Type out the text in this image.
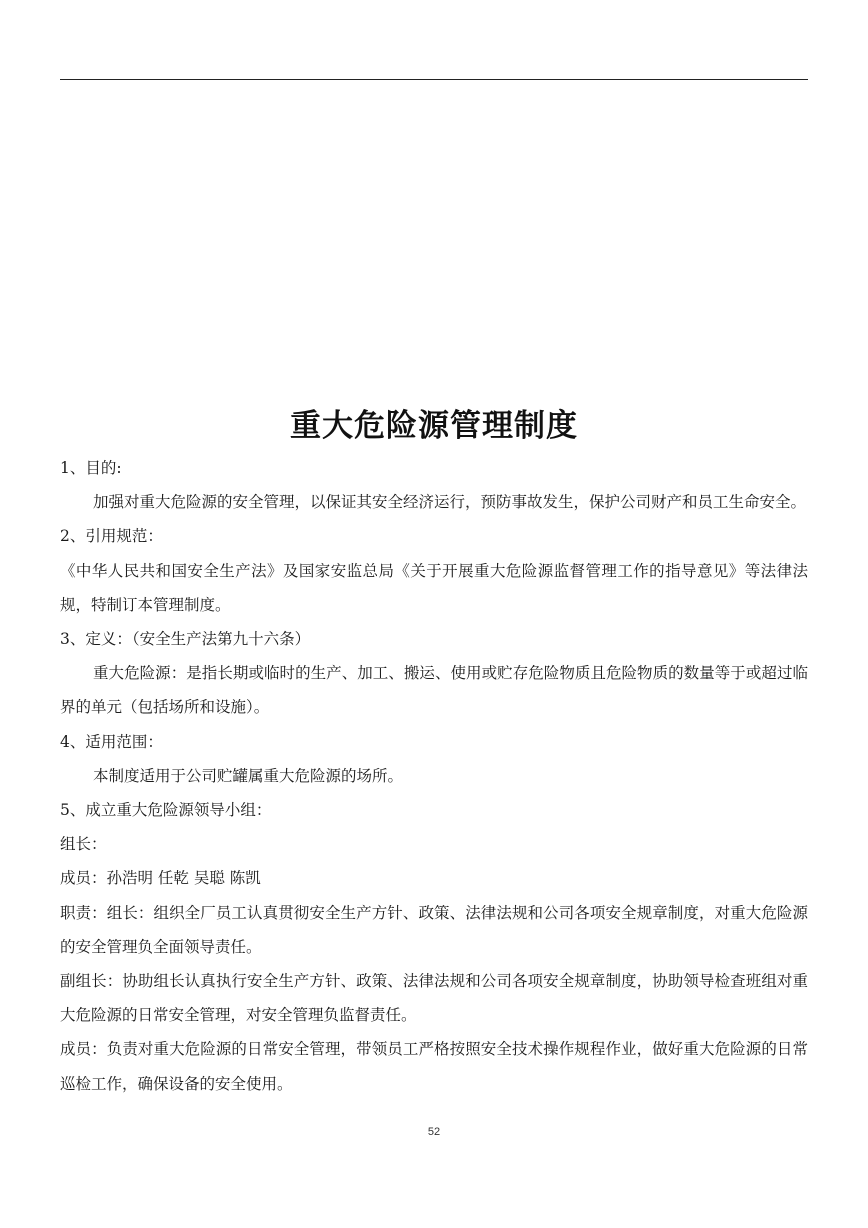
重大危险源管理制度

1、目的:

加强对重大危险源的安全管理，以保证其安全经济运行，预防事故发生，保护公司财产和员工生命安全。

2、引用规范：

《中华人民共和国安全生产法》及国家安监总局《关于开展重大危险源监督管理工作的指导意见》等法律法规，特制订本管理制度。

3、定义：（安全生产法第九十六条）

重大危险源：是指长期或临时的生产、加工、搬运、使用或贮存危险物质且危险物质的数量等于或超过临界的单元（包括场所和设施）。

4、适用范围：

本制度适用于公司贮罐属重大危险源的场所。

5、成立重大危险源领导小组：

组长：

成员：孙浩明 任乾 吴聪 陈凯

职责：组长：组织全厂员工认真贯彻安全生产方针、政策、法律法规和公司各项安全规章制度，对重大危险源的安全管理负全面领导责任。

副组长：协助组长认真执行安全生产方针、政策、法律法规和公司各项安全规章制度，协助领导检查班组对重大危险源的日常安全管理，对安全管理负监督责任。

成员：负责对重大危险源的日常安全管理，带领员工严格按照安全技术操作规程作业，做好重大危险源的日常巡检工作，确保设备的安全使用。

52
